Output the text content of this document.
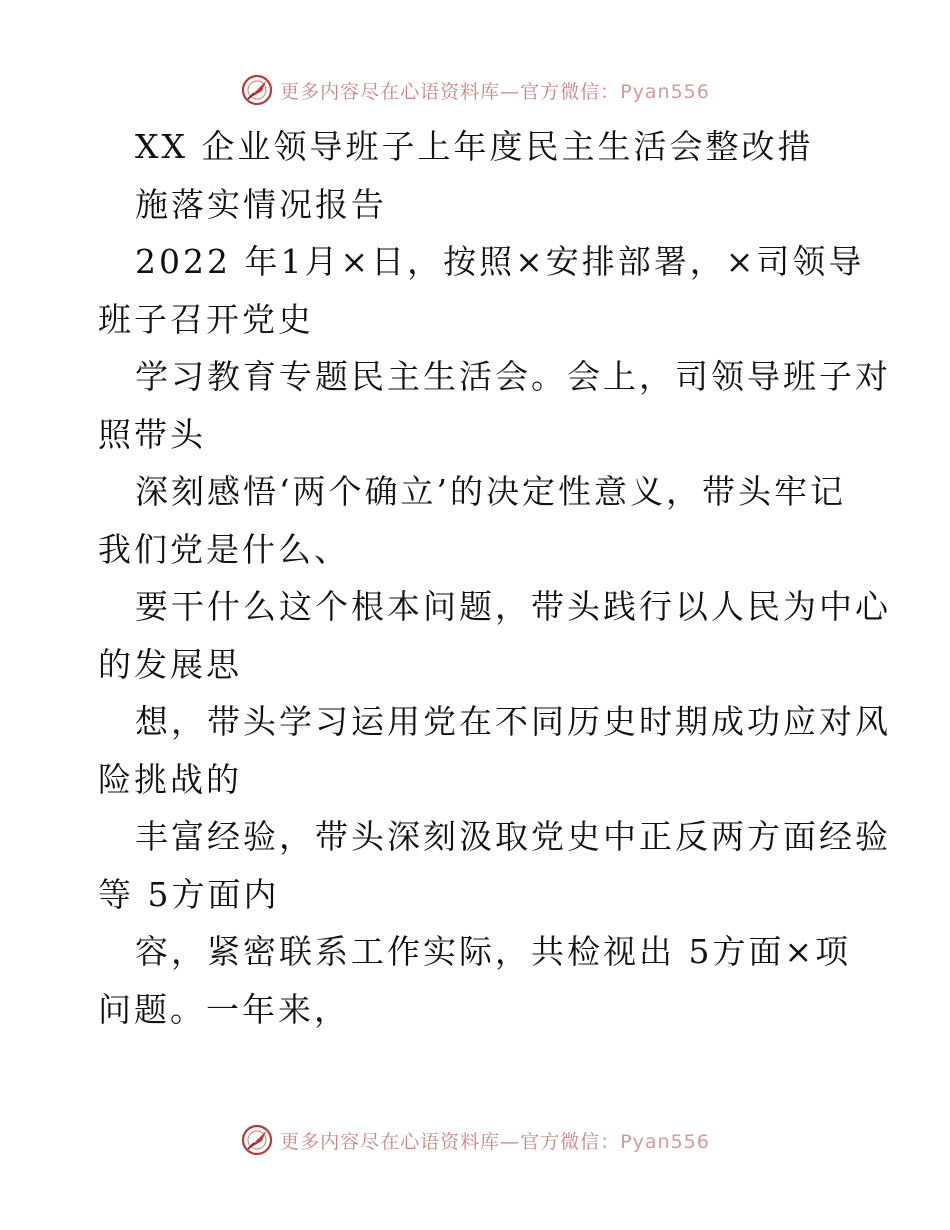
更多内容尽在心语资料库—官方微信：Pyan556
XX 企业领导班子上年度民主生活会整改措
施落实情况报告
2022 年1月×日，按照×安排部署，×司领导
班子召开党史
学习教育专题民主生活会。会上，司领导班子对
照带头
深刻感悟‘两个确立’的决定性意义，带头牢记
我们党是什么、
要干什么这个根本问题，带头践行以人民为中心
的发展思
想，带头学习运用党在不同历史时期成功应对风
险挑战的
丰富经验，带头深刻汲取党史中正反两方面经验
等 5方面内
容，紧密联系工作实际，共检视出 5方面×项
问题。一年来，
更多内容尽在心语资料库—官方微信：Pyan556
